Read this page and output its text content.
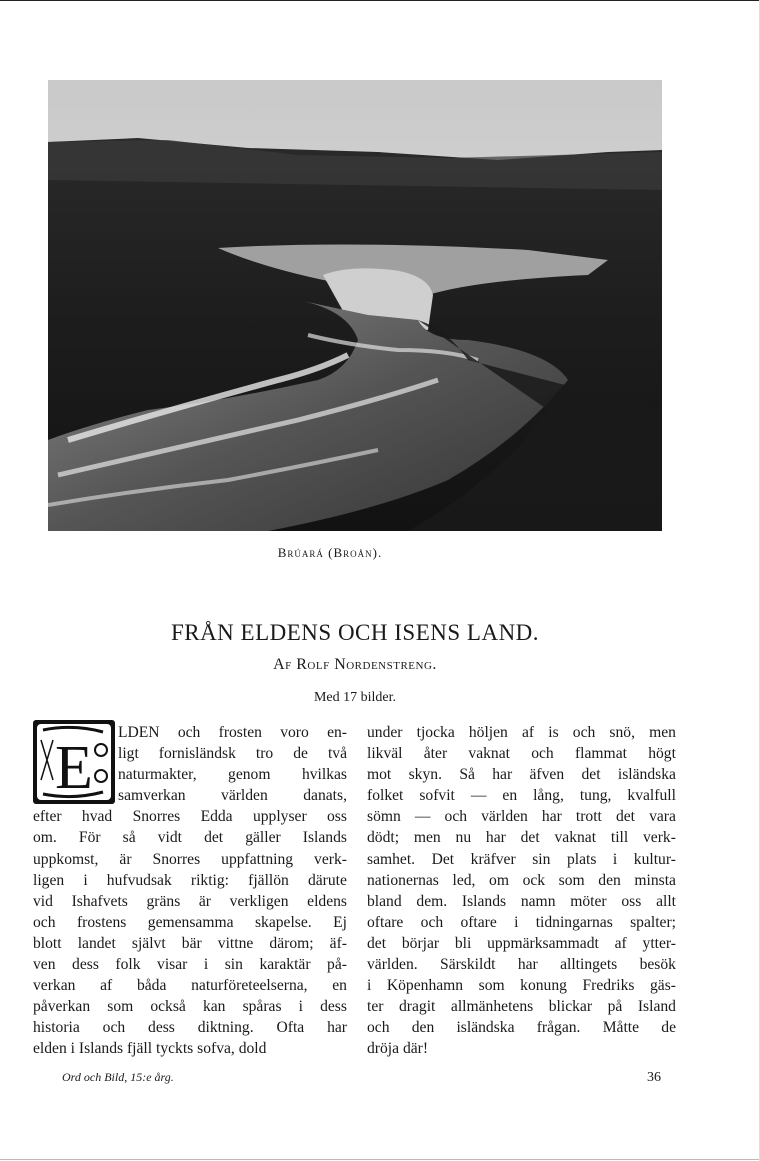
Brúará (Broån).
FRÅN ELDENS OCH ISENS LAND.
Af Rolf Nordenstreng.
Med 17 bilder.
E
LDEN och frosten voro en-
ligt fornisländsk tro de två
naturmakter, genom hvilkas
samverkan världen danats,
efter hvad Snorres Edda upplyser oss
om. För så vidt det gäller Islands
uppkomst, är Snorres uppfattning verk-
ligen i hufvudsak riktig: fjällön därute
vid Ishafvets gräns är verkligen eldens
och frostens gemensamma skapelse. Ej
blott landet självt bär vittne därom; äf-
ven dess folk visar i sin karaktär på-
verkan af båda naturföreteelserna, en
påverkan som också kan spåras i dess
historia och dess diktning. Ofta har
elden i Islands fjäll tyckts sofva, dold
under tjocka höljen af is och snö, men
likväl åter vaknat och flammat högt
mot skyn. Så har äfven det isländska
folket sofvit — en lång, tung, kvalfull
sömn — och världen har trott det vara
dödt; men nu har det vaknat till verk-
samhet. Det kräfver sin plats i kultur-
nationernas led, om ock som den minsta
bland dem. Islands namn möter oss allt
oftare och oftare i tidningarnas spalter;
det börjar bli uppmärksammadt af ytter-
världen. Särskildt har alltingets besök
i Köpenhamn som konung Fredriks gäs-
ter dragit allmänhetens blickar på Island
och den isländska frågan. Måtte de
dröja där!
Ord och Bild, 15:e årg.	36
